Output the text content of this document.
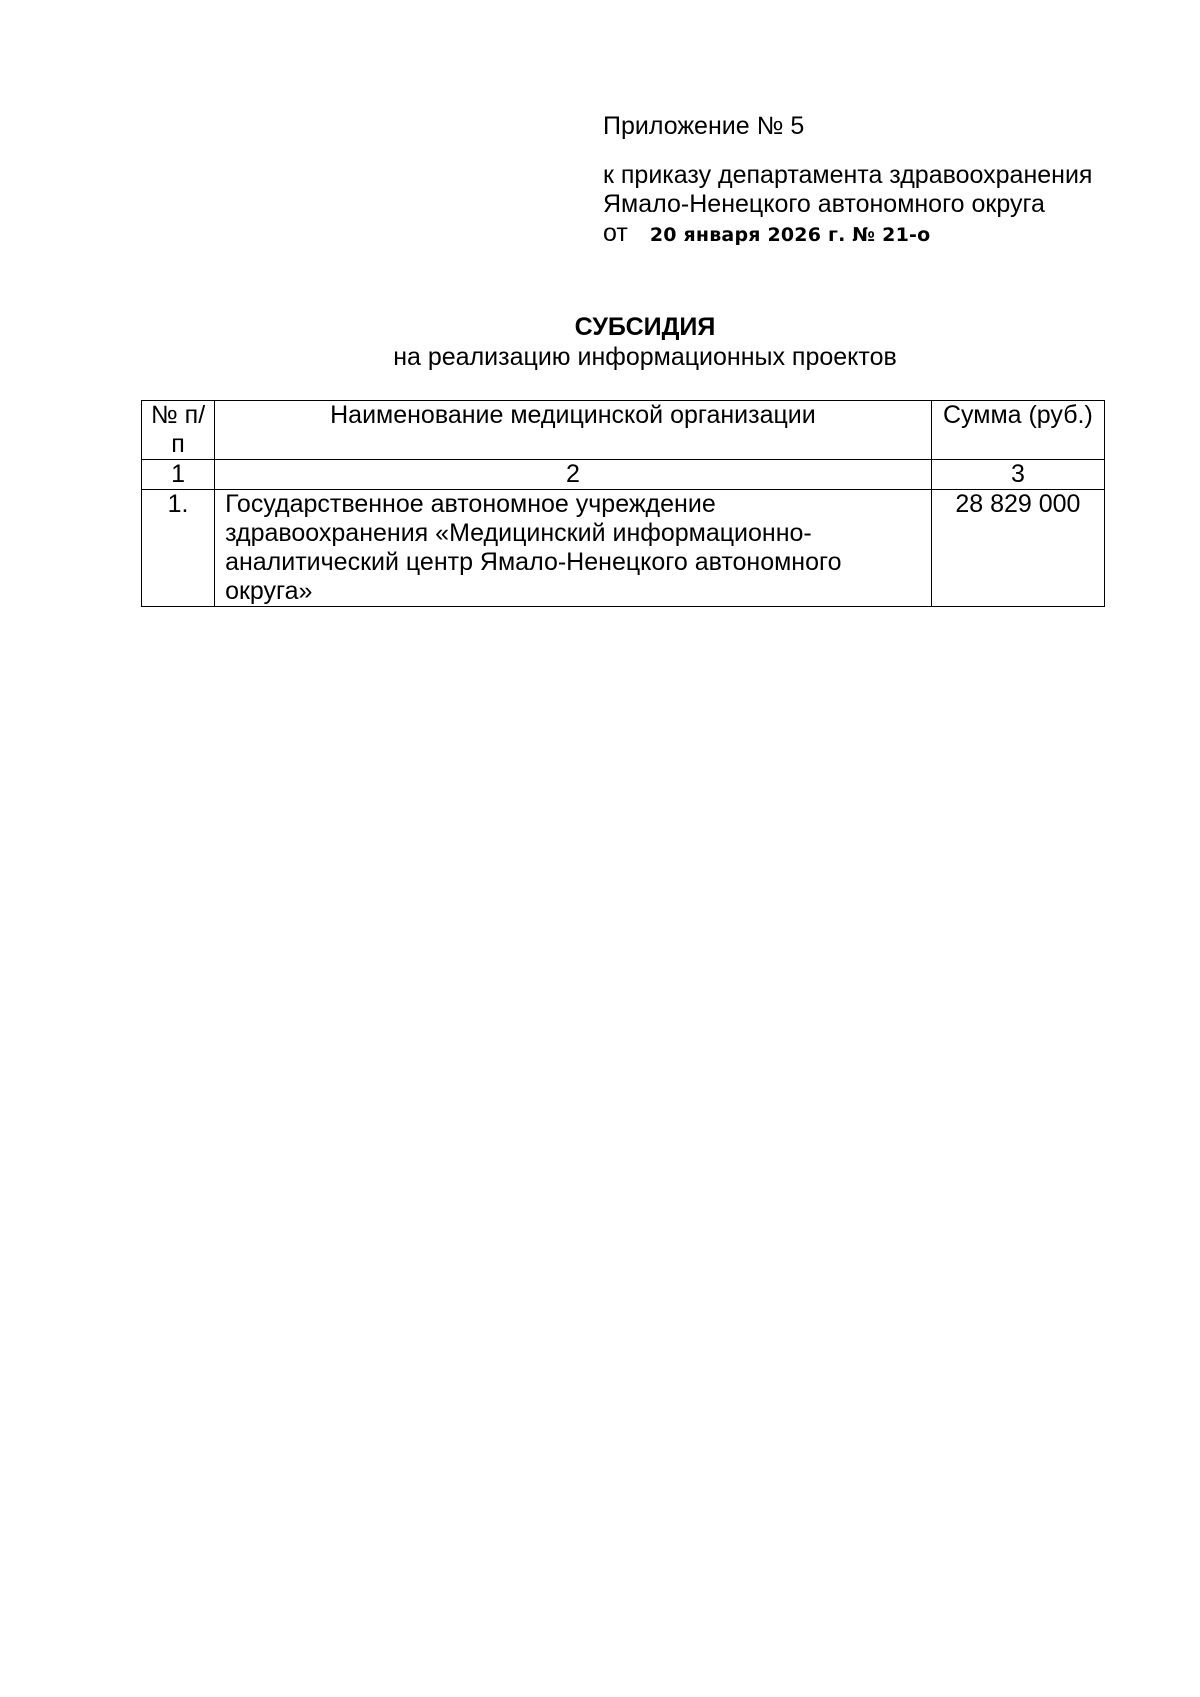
Приложение № 5

к приказу департамента здравоохранения

Ямало-Ненецкого автономного округа

от 20 января 2026 г. № 21-о

СУБСИДИЯ

на реализацию информационных проектов

№ п/п	Наименование медицинской организации	Сумма (руб.)
1	2	3
1.	Государственное автономное учреждение здравоохранения «Медицинский информационно-аналитический центр Ямало-Ненецкого автономного округа»	28 829 000
